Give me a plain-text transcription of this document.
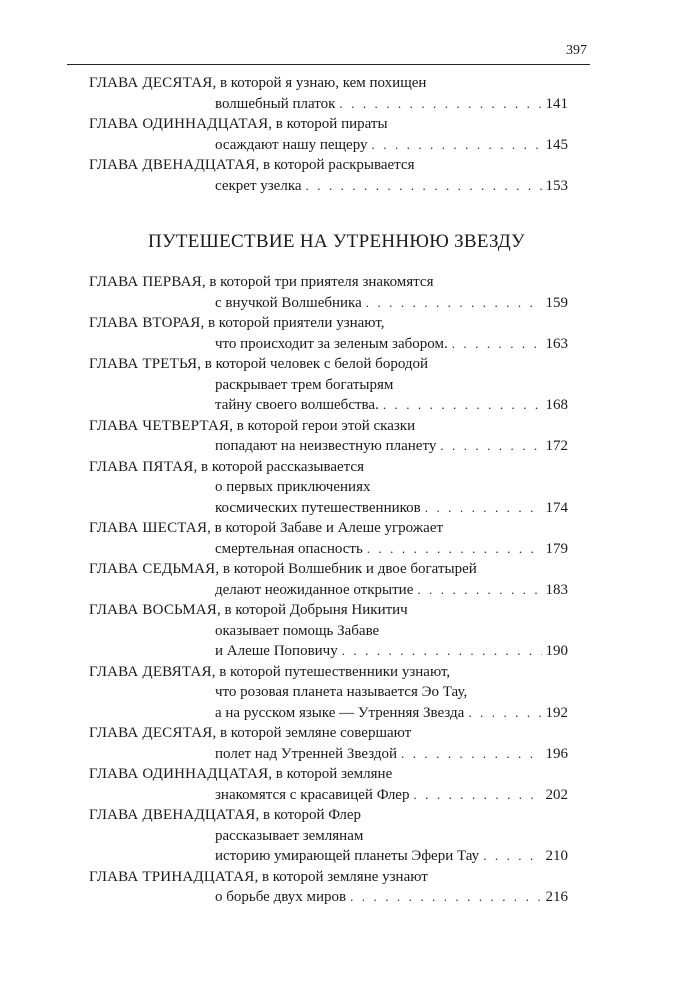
397
ГЛАВА ДЕСЯТАЯ, в которой я узнаю, кем похищен
волшебный платок . . .	141
ГЛАВА ОДИННАДЦАТАЯ, в которой пираты
осаждают нашу пещеру . . .	145
ГЛАВА ДВЕНАДЦАТАЯ, в которой раскрывается
секрет узелка . . .	153
ПУТЕШЕСТВИЕ НА УТРЕННЮЮ ЗВЕЗДУ
ГЛАВА ПЕРВАЯ, в которой три приятеля знакомятся
с внучкой Волшебника . . .	159
ГЛАВА ВТОРАЯ, в которой приятели узнают,
что происходит за зеленым забором. . . .	163
ГЛАВА ТРЕТЬЯ, в которой человек с белой бородой
раскрывает трем богатырям
тайну своего волшебства. . . .	168
ГЛАВА ЧЕТВЕРТАЯ, в которой герои этой сказки
попадают на неизвестную планету . . .	172
ГЛАВА ПЯТАЯ, в которой рассказывается
о первых приключениях
космических путешественников . . .	174
ГЛАВА ШЕСТАЯ, в которой Забаве и Алеше угрожает
смертельная опасность . . .	179
ГЛАВА СЕДЬМАЯ, в которой Волшебник и двое богатырей
делают неожиданное открытие . . .	183
ГЛАВА ВОСЬМАЯ, в которой Добрыня Никитич
оказывает помощь Забаве
и Алеше Поповичу . . .	190
ГЛАВА ДЕВЯТАЯ, в которой путешественники узнают,
что розовая планета называется Эо Тау,
а на русском языке — Утренняя Звезда . . .	192
ГЛАВА ДЕСЯТАЯ, в которой земляне совершают
полет над Утренней Звездой . . .	196
ГЛАВА ОДИННАДЦАТАЯ, в которой земляне
знакомятся с красавицей Флер . . .	202
ГЛАВА ДВЕНАДЦАТАЯ, в которой Флер
рассказывает землянам
историю умирающей планеты Эфери Тау . . .	210
ГЛАВА ТРИНАДЦАТАЯ, в которой земляне узнают
о борьбе двух миров . . .	216
